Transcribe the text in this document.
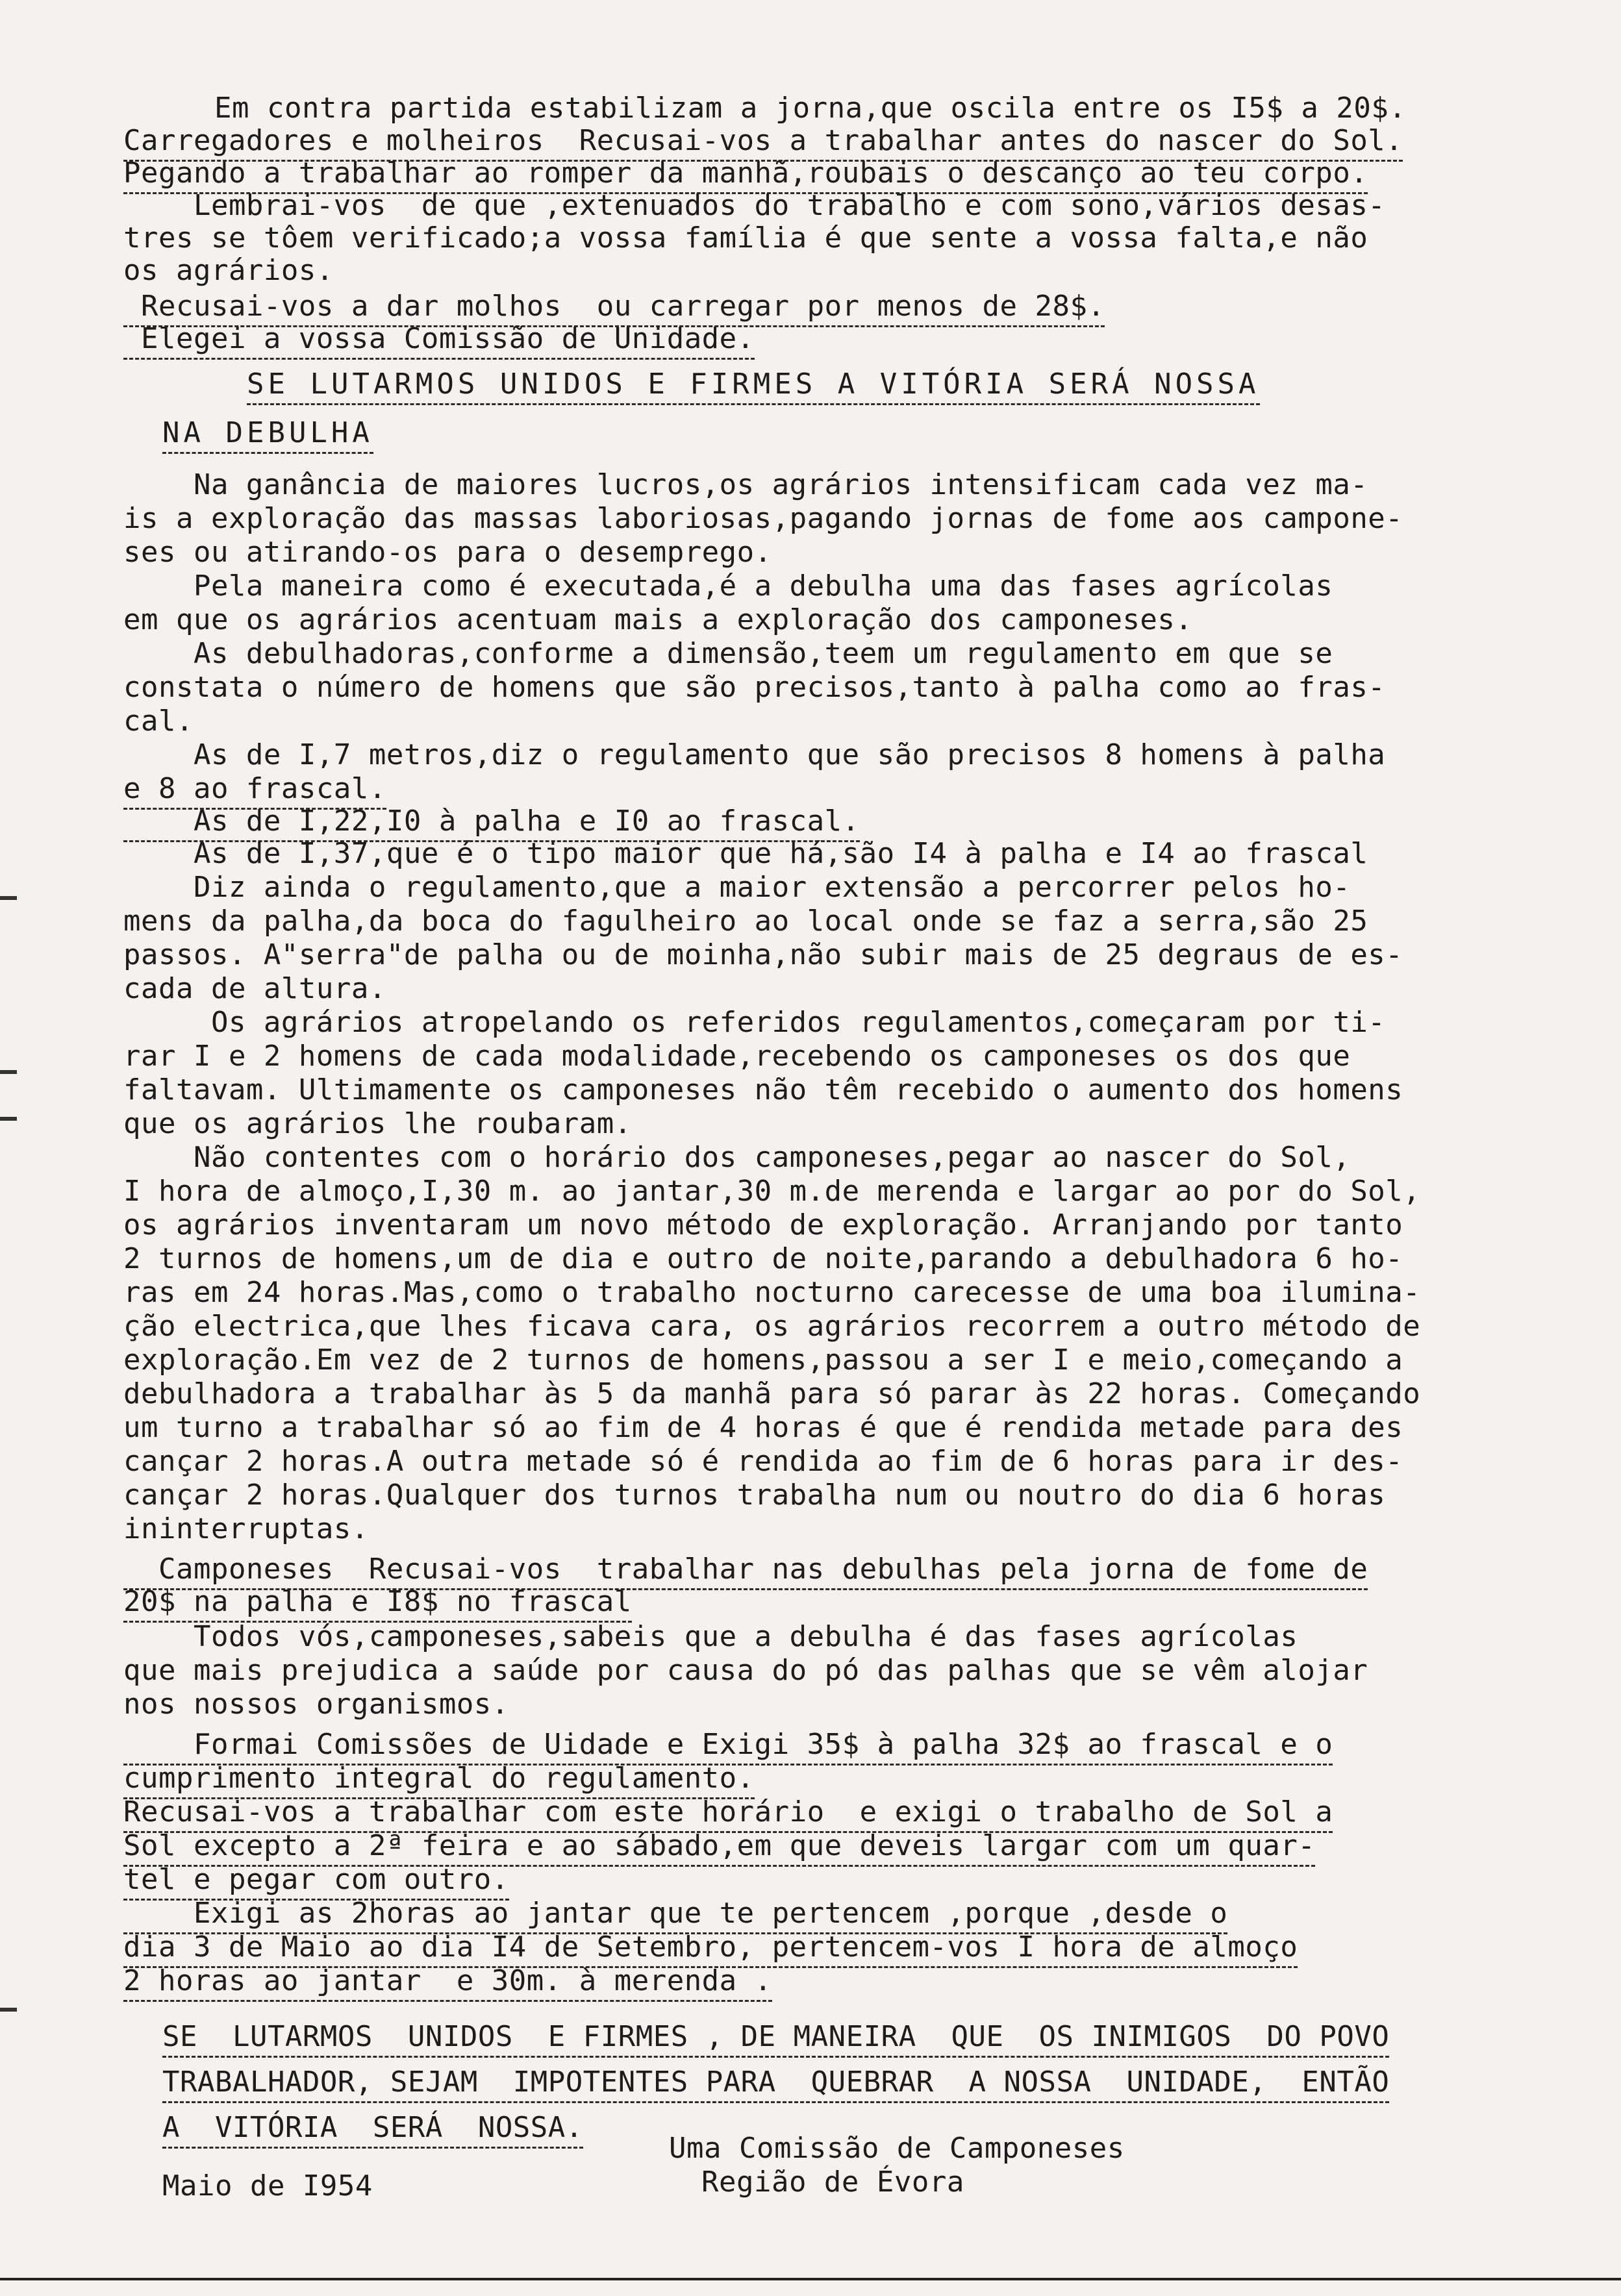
Em contra partida estabilizam a jorna,que oscila entre os I5$ a 20$.
Carregadores e molheiros  Recusai-vos a trabalhar antes do nascer do Sol.
Pegando a trabalhar ao romper da manhã,roubais o descanço ao teu corpo.
Lembrai-vos  de que ,extenuados do trabalho e com sono,vários desas-
tres se tôem verificado;a vossa família é que sente a vossa falta,e não
os agrários.
Recusai-vos a dar molhos  ou carregar por menos de 28$.
Elegei a vossa Comissão de Unidade.
SE LUTARMOS UNIDOS E FIRMES A VITÓRIA SERÁ NOSSA
NA DEBULHA
Na ganância de maiores lucros,os agrários intensificam cada vez ma-
is a exploração das massas laboriosas,pagando jornas de fome aos campone-
ses ou atirando-os para o desemprego.
Pela maneira como é executada,é a debulha uma das fases agrícolas
em que os agrários acentuam mais a exploração dos camponeses.
As debulhadoras,conforme a dimensão,teem um regulamento em que se
constata o número de homens que são precisos,tanto à palha como ao fras-
cal.
As de I,7 metros,diz o regulamento que são precisos 8 homens à palha
e 8 ao frascal.
As de I,22,I0 à palha e I0 ao frascal.
As de I,37,que é o tipo maior que há,são I4 à palha e I4 ao frascal
Diz ainda o regulamento,que a maior extensão a percorrer pelos ho-
mens da palha,da boca do fagulheiro ao local onde se faz a serra,são 25
passos. A"serra"de palha ou de moinha,não subir mais de 25 degraus de es-
cada de altura.
Os agrários atropelando os referidos regulamentos,começaram por ti-
rar I e 2 homens de cada modalidade,recebendo os camponeses os dos que
faltavam. Ultimamente os camponeses não têm recebido o aumento dos homens
que os agrários lhe roubaram.
Não contentes com o horário dos camponeses,pegar ao nascer do Sol,
I hora de almoço,I,30 m. ao jantar,30 m.de merenda e largar ao por do Sol,
os agrários inventaram um novo método de exploração. Arranjando por tanto
2 turnos de homens,um de dia e outro de noite,parando a debulhadora 6 ho-
ras em 24 horas.Mas,como o trabalho nocturno carecesse de uma boa ilumina-
ção electrica,que lhes ficava cara, os agrários recorrem a outro método de
exploração.Em vez de 2 turnos de homens,passou a ser I e meio,começando a
debulhadora a trabalhar às 5 da manhã para só parar às 22 horas. Começando
um turno a trabalhar só ao fim de 4 horas é que é rendida metade para des
cançar 2 horas.A outra metade só é rendida ao fim de 6 horas para ir des-
cançar 2 horas.Qualquer dos turnos trabalha num ou noutro do dia 6 horas
ininterruptas.
Camponeses  Recusai-vos  trabalhar nas debulhas pela jorna de fome de
20$ na palha e I8$ no frascal
Todos vós,camponeses,sabeis que a debulha é das fases agrícolas
que mais prejudica a saúde por causa do pó das palhas que se vêm alojar
nos nossos organismos.
Formai Comissões de Uidade e Exigi 35$ à palha 32$ ao frascal e o
cumprimento integral do regulamento.
Recusai-vos a trabalhar com este horário  e exigi o trabalho de Sol a
Sol excepto a 2ª feira e ao sábado,em que deveis largar com um quar-
tel e pegar com outro.
Exigi as 2horas ao jantar que te pertencem ,porque ,desde o
dia 3 de Maio ao dia I4 de Setembro, pertencem-vos I hora de almoço
2 horas ao jantar  e 30m. à merenda .
SE  LUTARMOS  UNIDOS  E FIRMES , DE MANEIRA  QUE  OS INIMIGOS  DO POVO
TRABALHADOR, SEJAM  IMPOTENTES PARA  QUEBRAR  A NOSSA  UNIDADE,  ENTÃO
A  VITÓRIA  SERÁ  NOSSA.
Uma Comissão de Camponeses
Região de Évora
Maio de I954
